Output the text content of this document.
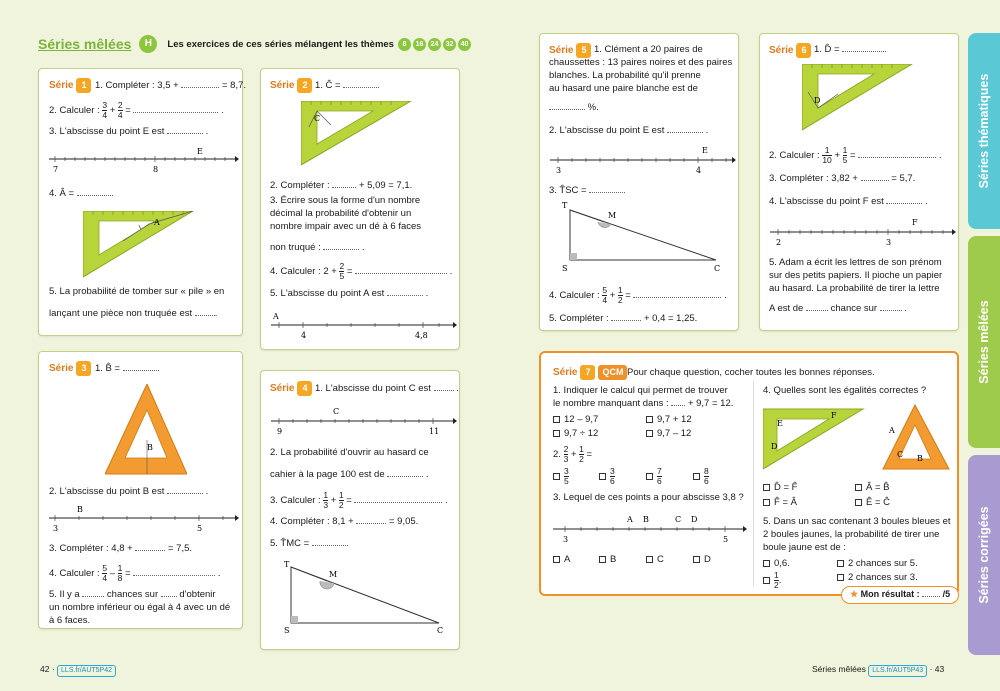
Séries mêlées	H	Les exercices de ces séries mélangent les thèmes	8	16	24	32	40
Série 1 1. Compléter : 3,5 +	= 8,7.
2. Calculer : $\frac{3}{4} + \frac{2}{4}$ =	.
3. L'abscisse du point E est	.
7	8
E
4. Â =
A
5. La probabilité de tomber sur « pile » en
lançant une pièce non truquée est .
Série 2 1. Ĉ =
C
2. Compléter :	+ 5,09 = 7,1.
3. Écrire sous la forme d'un nombre
décimal la probabilité d'obtenir un
nombre impair avec un dé à 6 faces
non truqué :	.
4. Calculer : $2 + \frac{2}{5}$ =	.
5. L'abscisse du point A est	.
4	4,8
A
Série 3 1. B̂ =
B
2. L'abscisse du point B est	.
3	5
B
3. Compléter : 4,8 +	= 7,5.
4. Calculer : $\frac{5}{4} - \frac{1}{8}$ =	.
5. Il y a	chances sur d'obtenir
un nombre inférieur ou égal à 4 avec un dé
à 6 faces.
Série 4 1. L'abscisse du point C est  .
9	11
C
2. La probabilité d'ouvrir au hasard ce
cahier à la page 100 est de	.
3. Calculer : $\frac{1}{3} + \frac{1}{2}$ =	.
4. Compléter : 8,1 +	= 9,05.
5. T̂MC =
T
M
S	C
Série 5 1. Clément a 20 paires de
chaussettes : 13 paires noires et des paires
blanches. La probabilité qu'il prenne
au hasard une paire blanche est de
%.
2. L'abscisse du point E est	.
3	4
E
3. T̂SC =
T
M
S	C
4. Calculer : $\frac{5}{4} + \frac{1}{2}$ =	.
5. Compléter :	+ 0,4 = 1,25.
Série 6 1. D̂ =
D
2. Calculer : $\frac{1}{10} + \frac{1}{5}$ =	.
3. Compléter : 3,82 +	= 5,7.
4. L'abscisse du point F est	.
2	3
F
5. Adam a écrit les lettres de son prénom
sur des petits papiers. Il pioche un papier
au hasard. La probabilité de tirer la lettre
A est de	chance sur	.
Série 7 QCM Pour chaque question, cocher toutes les bonnes réponses.
1. Indiquer le calcul qui permet de trouver
le nombre manquant dans : + 9,7 = 12.
12 – 9,7	9,7 + 12
9,7 ÷ 12	9,7 – 12
2. $\frac{2}{3} + \frac{1}{2}$ =
$\frac{3}{5}$	$\frac{3}{6}$	$\frac{7}{6}$	$\frac{8}{6}$
3. Lequel de ces points a pour abscisse 3,8 ?
3	5
A B	C D
A	B	C	D
4. Quelles sont les égalités correctes ?
E
F
D
A
C B
D̂ = F̂	Â = B̂
F̂ = Â	Ê = Ĉ
5. Dans un sac contenant 3 boules bleues et
2 boules jaunes, la probabilité de tirer une
boule jaune est de :
0,6.	2 chances sur 5.
$\frac{1}{2}$ .	2 chances sur 3.
★ Mon résultat :	/5
Séries thématiques
Séries mêlées
Séries corrigées
42 · LLS.fr/AUT5P42	Séries mêlées LLS.fr/AUT5P43 · 43
